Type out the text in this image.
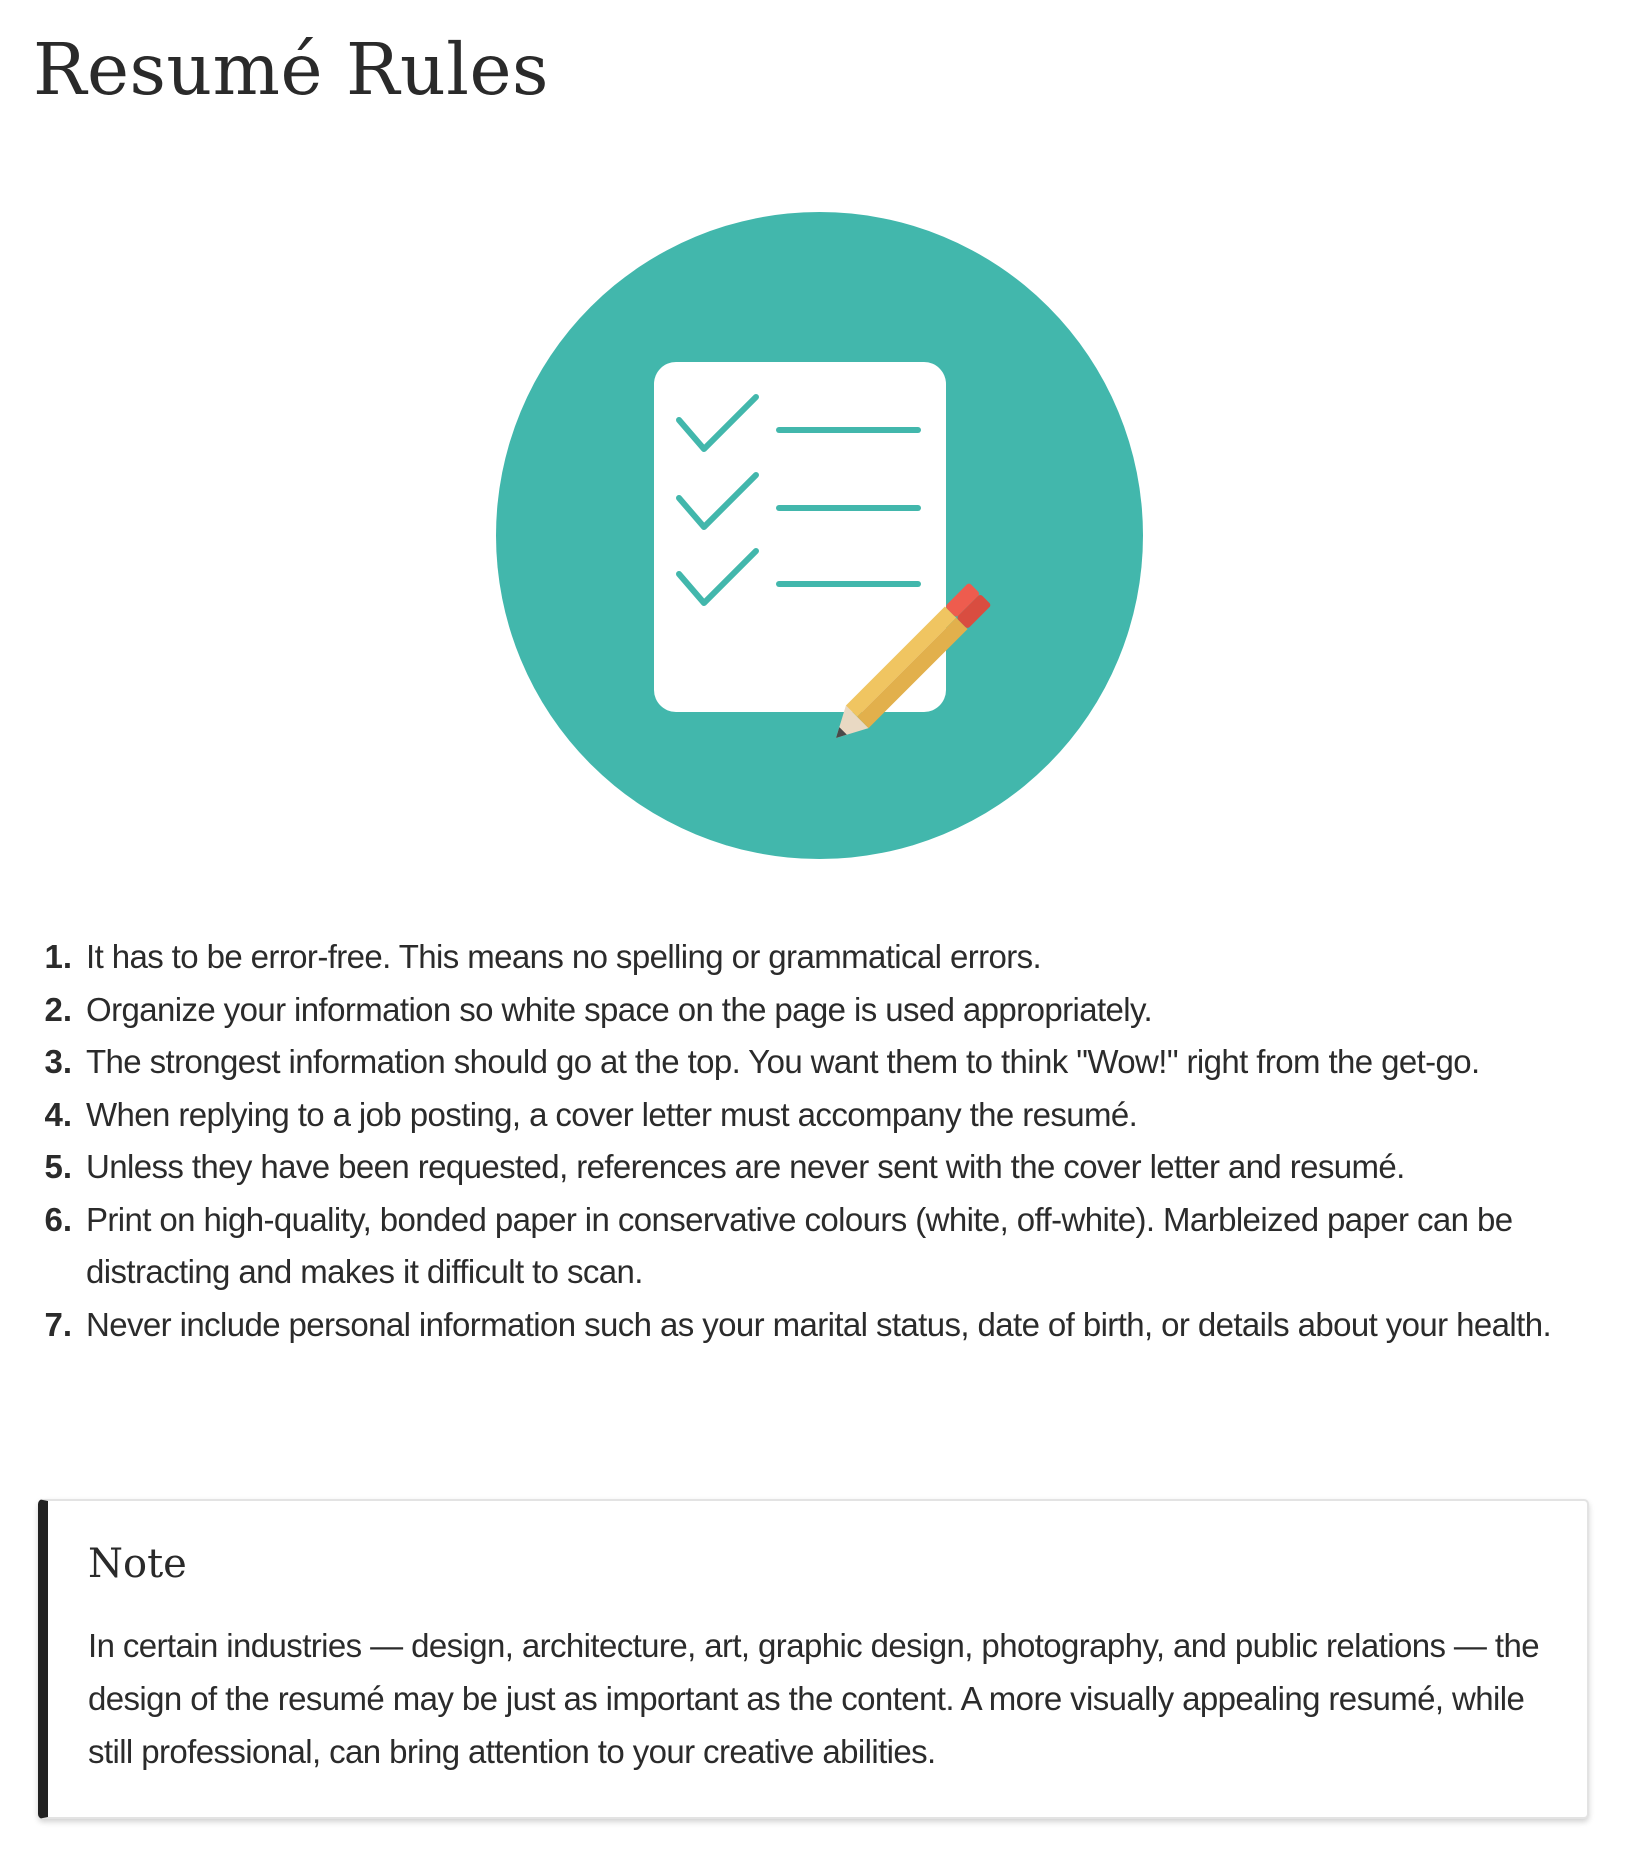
Resumé Rules
1. It has to be error-free. This means no spelling or grammatical errors.
2. Organize your information so white space on the page is used appropriately.
3. The strongest information should go at the top. You want them to think "Wow!" right from the get-go.
4. When replying to a job posting, a cover letter must accompany the resumé.
5. Unless they have been requested, references are never sent with the cover letter and resumé.
6. Print on high-quality, bonded paper in conservative colours (white, off-white). Marbleized paper can be distracting and makes it difficult to scan.
7. Never include personal information such as your marital status, date of birth, or details about your health.
Note

In certain industries — design, architecture, art, graphic design, photography, and public relations — the design of the resumé may be just as important as the content. A more visually appealing resumé, while still professional, can bring attention to your creative abilities.
